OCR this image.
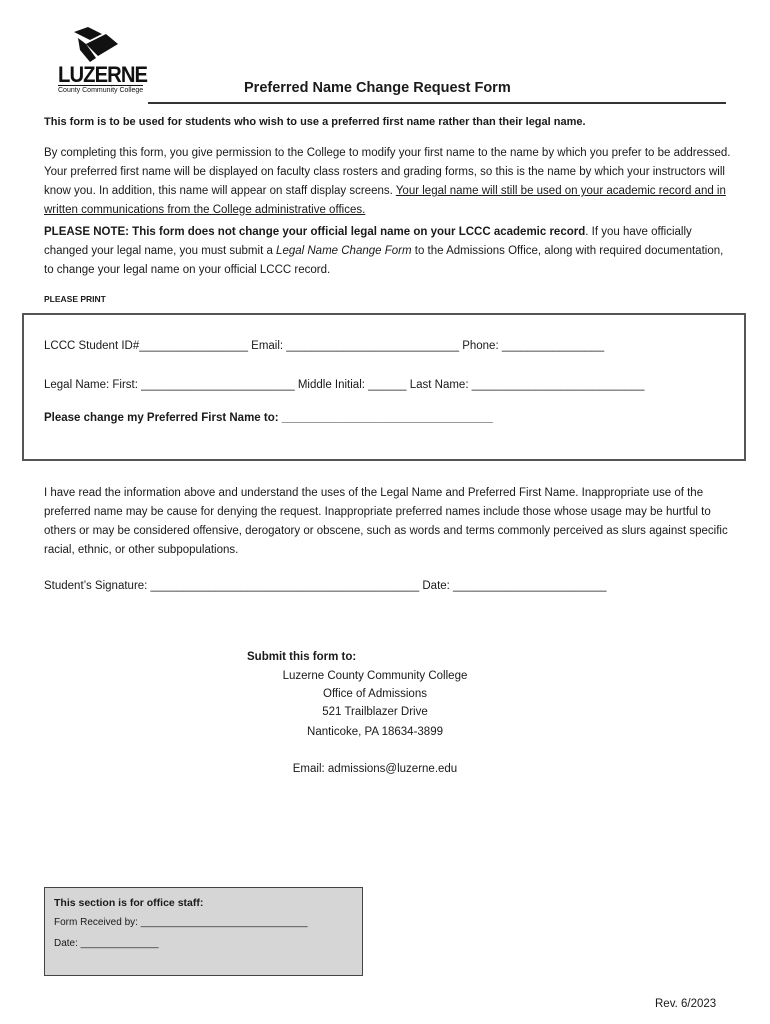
LUZERNE
County Community College	Preferred Name Change Request Form
This form is to be used for students who wish to use a preferred first name rather than their legal name.
By completing this form, you give permission to the College to modify your first name to the name by which you prefer to be addressed. Your preferred first name will be displayed on faculty class rosters and grading forms, so this is the name by which your instructors will know you. In addition, this name will appear on staff display screens. Your legal name will still be used on your academic record and in written communications from the College administrative offices.
PLEASE NOTE: This form does not change your official legal name on your LCCC academic record. If you have officially changed your legal name, you must submit a Legal Name Change Form to the Admissions Office, along with required documentation, to change your legal name on your official LCCC record.
PLEASE PRINT
LCCC Student ID#_________________ Email: ___________________________ Phone: ________________
Legal Name: First: ________________________ Middle Initial: ______ Last Name: ___________________________
Please change my Preferred First Name to: _________________________________
I have read the information above and understand the uses of the Legal Name and Preferred First Name. Inappropriate use of the preferred name may be cause for denying the request. Inappropriate preferred names include those whose usage may be hurtful to others or may be considered offensive, derogatory or obscene, such as words and terms commonly perceived as slurs against specific racial, ethnic, or other subpopulations.
Student’s Signature: __________________________________________ Date: ________________________
Submit this form to:
Luzerne County Community College
Office of Admissions
521 Trailblazer Drive
Nanticoke, PA 18634-3899
Email: admissions@luzerne.edu
This section is for office staff:
Form Received by: ______________________________
Date: ______________
Rev. 6/2023
